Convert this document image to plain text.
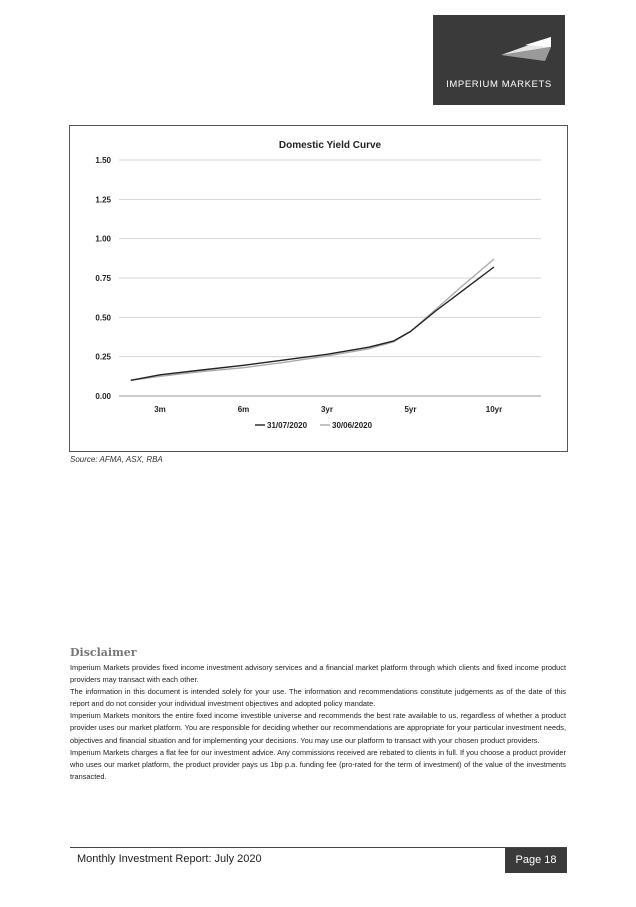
IMPERIUM MARKETS
Domestic Yield Curve
0.00
0.25
0.50
0.75
1.00
1.25
1.50
3m	6m	3yr	5yr	10yr
31/07/2020	30/06/2020
Source: AFMA, ASX, RBA
Disclaimer

Imperium Markets provides fixed income investment advisory services and a financial market platform through which clients and fixed income product providers may transact with each other.

The information in this document is intended solely for your use. The information and recommendations constitute judgements as of the date of this report and do not consider your individual investment objectives and adopted policy mandate.

Imperium Markets monitors the entire fixed income investible universe and recommends the best rate available to us, regardless of whether a product provider uses our market platform. You are responsible for deciding whether our recommendations are appropriate for your particular investment needs, objectives and financial situation and for implementing your decisions. You may use our platform to transact with your chosen product providers.

Imperium Markets charges a flat fee for our investment advice. Any commissions received are rebated to clients in full. If you choose a product provider who uses our market platform, the product provider pays us 1bp p.a. funding fee (pro-rated for the term of investment) of the value of the investments transacted.

Monthly Investment Report: July 2020	Page 18
